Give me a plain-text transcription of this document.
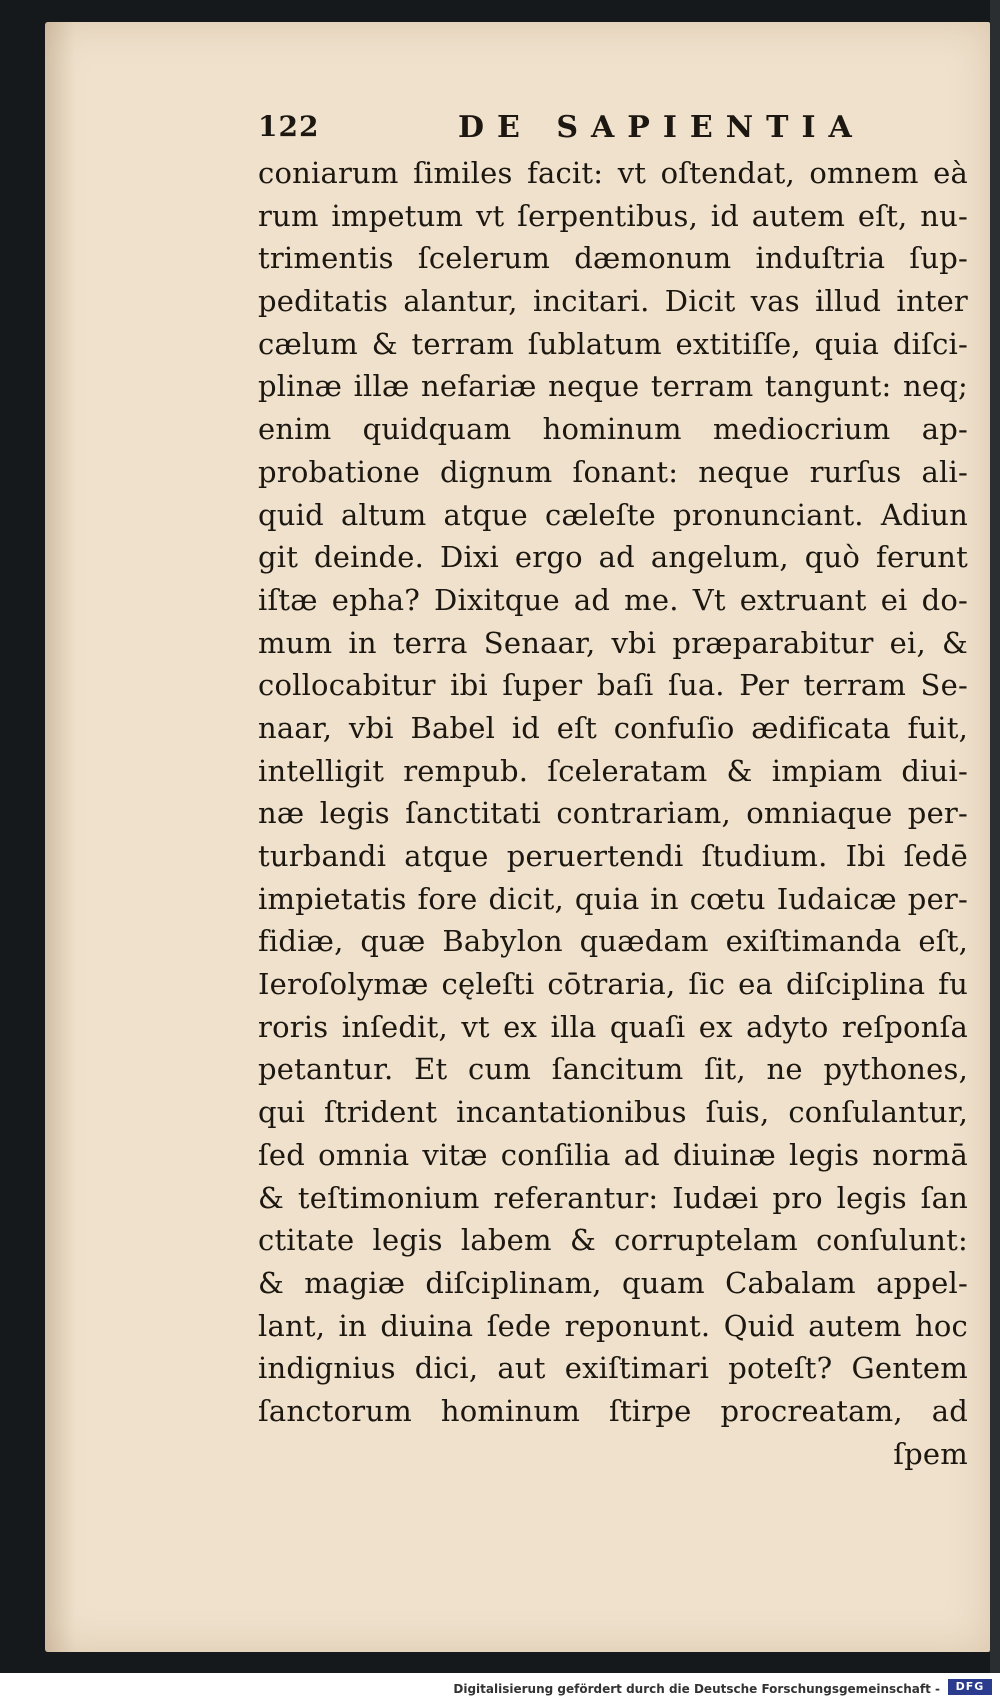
122	DE SAPIENTIA
coniarum ſimiles facit: vt oſtendat, omnem eà
rum impetum vt ſerpentibus, id autem eſt, nu-
trimentis ſcelerum dæmonum induſtria ſup-
peditatis alantur, incitari. Dicit vas illud inter
cælum & terram ſublatum extitiſſe, quia diſci-
plinæ illæ nefariæ neque terram tangunt: neq;
enim quidquam hominum mediocrium ap-
probatione dignum ſonant: neque rurſus ali-
quid altum atque cæleſte pronunciant. Adiun
git deinde. Dixi ergo ad angelum, quò ferunt
iſtæ epha? Dixitque ad me. Vt extruant ei do-
mum in terra Senaar, vbi præparabitur ei, &
collocabitur ibi ſuper baſi ſua. Per terram Se-
naar, vbi Babel id eſt confuſio ædificata fuit,
intelligit rempub. ſceleratam & impiam diui-
næ legis ſanctitati contrariam, omniaque per-
turbandi atque peruertendi ſtudium. Ibi ſedē
impietatis fore dicit, quia in cœtu Iudaicæ per-
fidiæ, quæ Babylon quædam exiſtimanda eſt,
Ieroſolymæ cęleſti cōtraria, ſic ea diſciplina fu
roris inſedit, vt ex illa quaſi ex adyto reſponſa
petantur. Et cum ſancitum ſit, ne pythones,
qui ſtrident incantationibus ſuis, conſulantur,
ſed omnia vitæ conſilia ad diuinæ legis normā
& teſtimonium referantur: Iudæi pro legis ſan
ctitate legis labem & corruptelam conſulunt:
& magiæ diſciplinam, quam Cabalam appel-
lant, in diuina ſede reponunt. Quid autem hoc
indignius dici, aut exiſtimari poteſt? Gentem
ſanctorum hominum ſtirpe procreatam, ad
ſpem
Digitalisierung gefördert durch die Deutsche Forschungsgemeinschaft -	DFG
